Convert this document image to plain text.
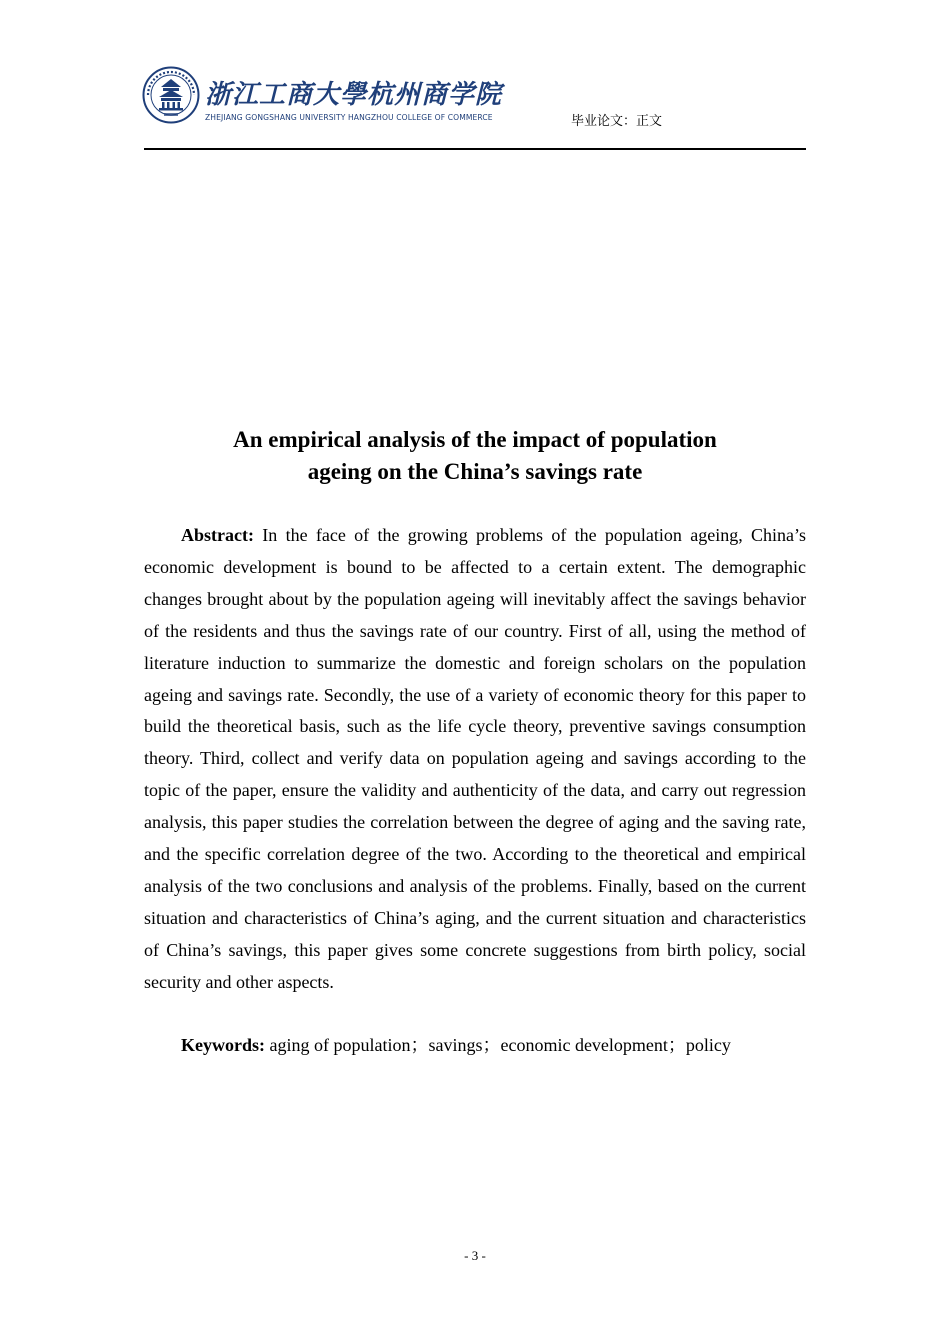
浙江工商大學杭州商学院
ZHEJIANG GONGSHANG UNIVERSITY HANGZHOU COLLEGE OF COMMERCE	毕业论文：正文
An empirical analysis of the impact of population
ageing on the China’s savings rate

Abstract: In the face of the growing problems of the population ageing, China’s economic development is bound to be affected to a certain extent. The demographic changes brought about by the population ageing will inevitably affect the savings behavior of the residents and thus the savings rate of our country. First of all, using the method of literature induction to summarize the domestic and foreign scholars on the population ageing and savings rate. Secondly, the use of a variety of economic theory for this paper to build the theoretical basis, such as the life cycle theory, preventive savings consumption theory. Third, collect and verify data on population ageing and savings according to the topic of the paper, ensure the validity and authenticity of the data, and carry out regression analysis, this paper studies the correlation between the degree of aging and the saving rate, and the specific correlation degree of the two. According to the theoretical and empirical analysis of the two conclusions and analysis of the problems. Finally, based on the current situation and characteristics of China’s aging, and the current situation and characteristics of China’s savings, this paper gives some concrete suggestions from birth policy, social security and other aspects.

Keywords: aging of population；savings；economic development；policy

- 3 -
